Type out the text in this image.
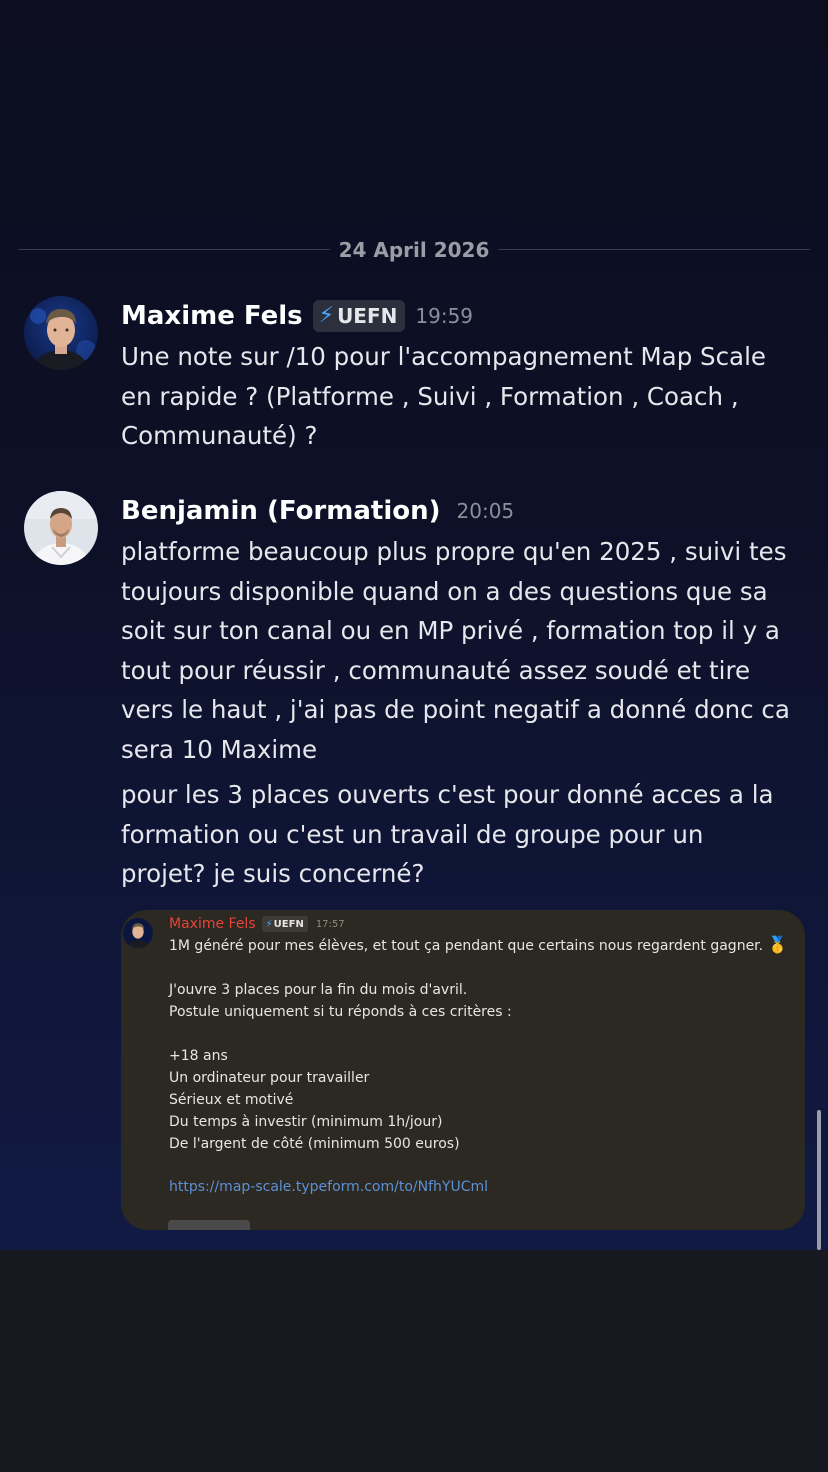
24 April 2026
Maxime Fels ⚡ UEFN 19:59
Une note sur /10 pour l'accompagnement Map Scale
en rapide ? (Platforme , Suivi , Formation , Coach ,
Communauté) ?
Benjamin (Formation) 20:05
platforme beaucoup plus propre qu'en 2025 , suivi tes
toujours disponible quand on a des questions que sa
soit sur ton canal ou en MP privé , formation top il y a
tout pour réussir , communauté assez soudé et tire
vers le haut , j'ai pas de point negatif a donné donc ca
sera 10 Maxime
pour les 3 places ouverts c'est pour donné acces a la
formation ou c'est un travail de groupe pour un
projet? je suis concerné?
Maxime Fels ⚡ UEFN 17:57
1M généré pour mes élèves, et tout ça pendant que certains nous regardent gagner. 🥇

J'ouvre 3 places pour la fin du mois d'avril.
Postule uniquement si tu réponds à ces critères :

+18 ans
Un ordinateur pour travailler
Sérieux et motivé
Du temps à investir (minimum 1h/jour)
De l'argent de côté (minimum 500 euros)
https://map-scale.typeform.com/to/NfhYUCml
